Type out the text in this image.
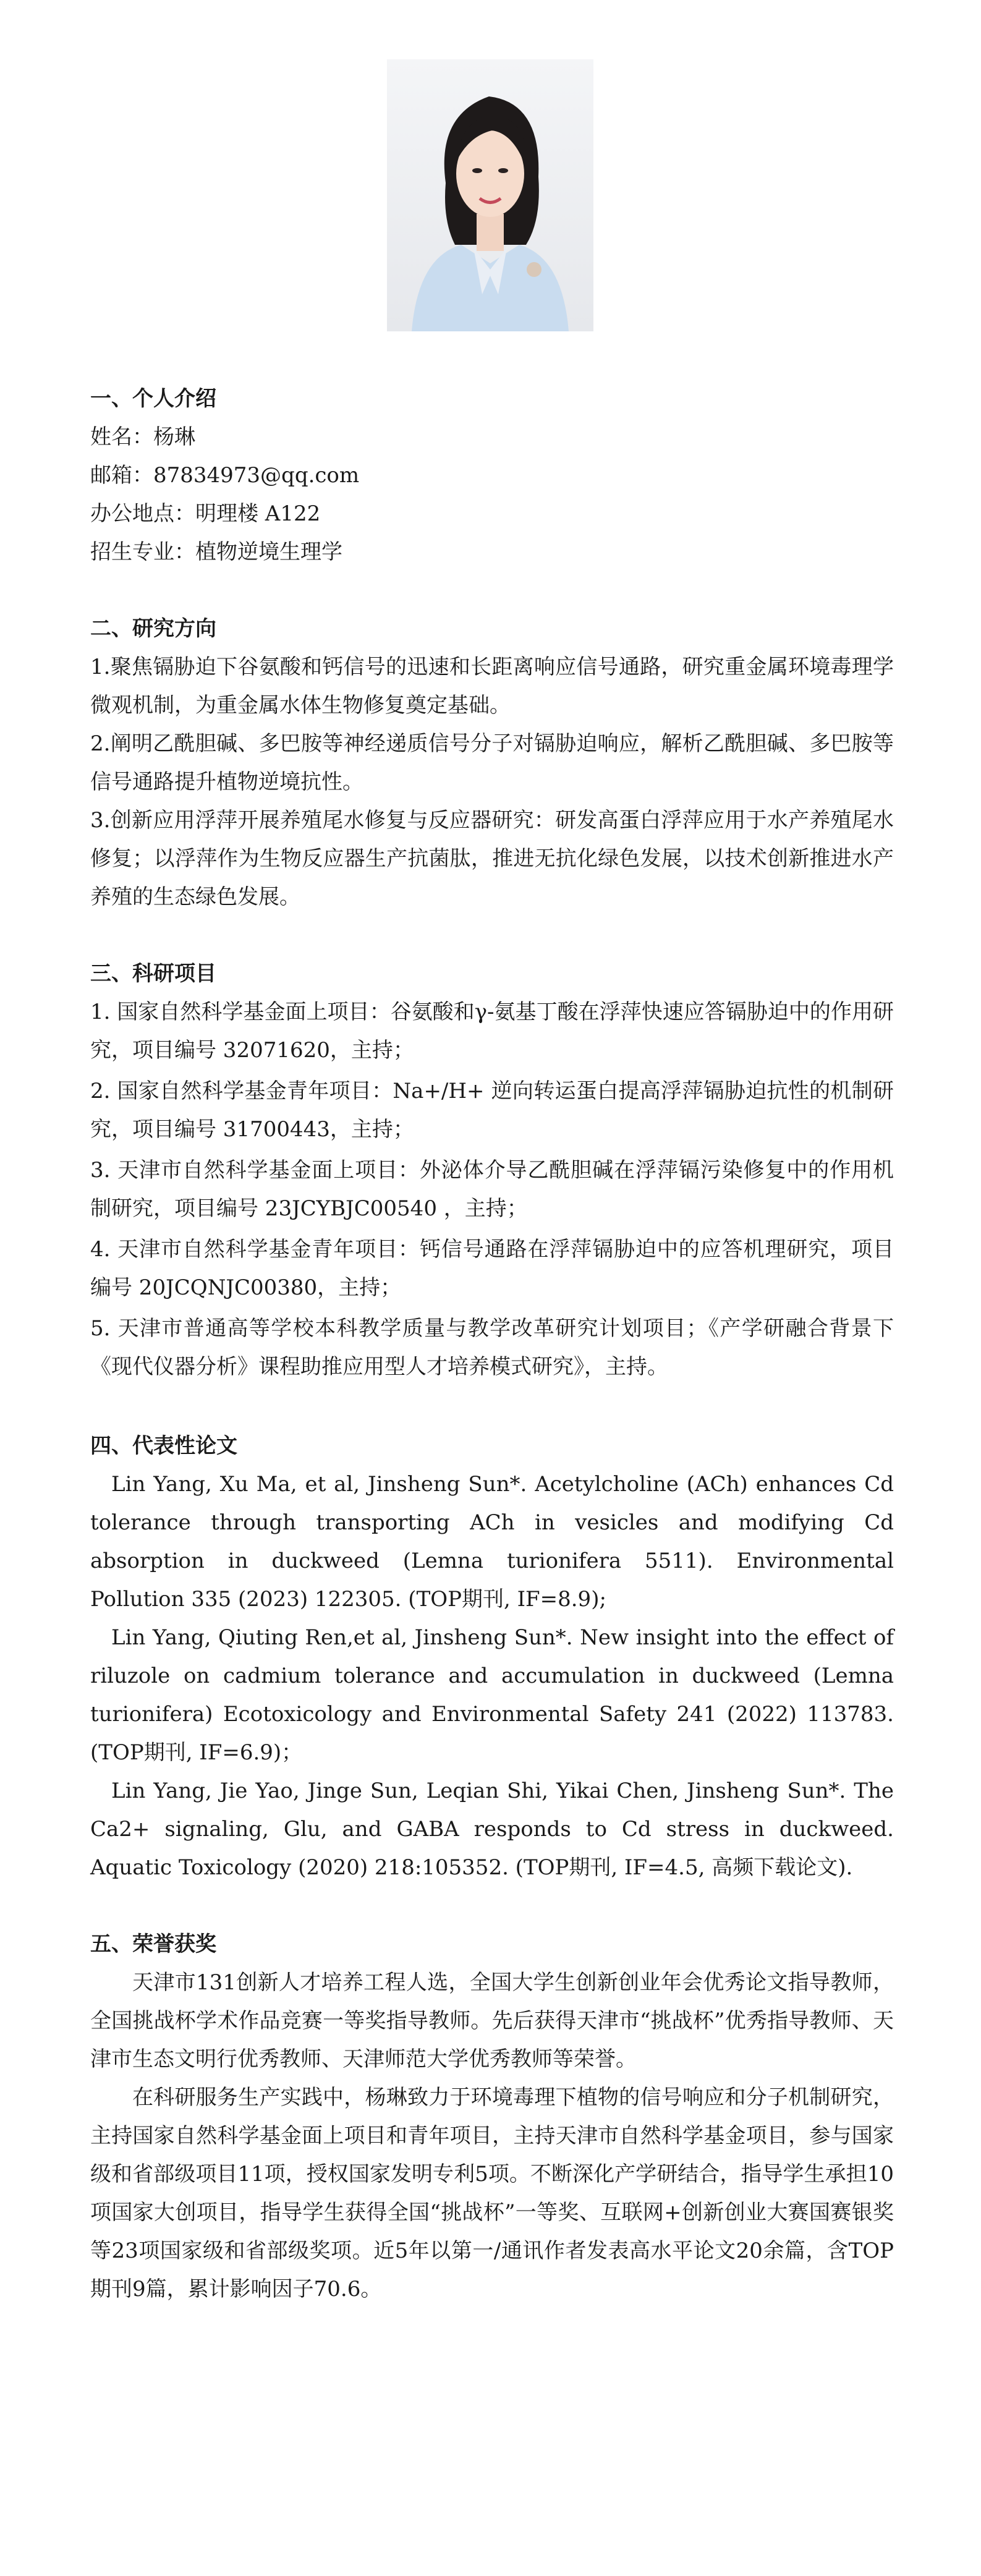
一、个人介绍
姓名：杨琳
邮箱：87834973@qq.com
办公地点：明理楼 A122
招生专业：植物逆境生理学
二、研究方向
1.聚焦镉胁迫下谷氨酸和钙信号的迅速和长距离响应信号通路，研究重金属环境毒理学微观机制，为重金属水体生物修复奠定基础。
2.阐明乙酰胆碱、多巴胺等神经递质信号分子对镉胁迫响应，解析乙酰胆碱、多巴胺等信号通路提升植物逆境抗性。
3.创新应用浮萍开展养殖尾水修复与反应器研究：研发高蛋白浮萍应用于水产养殖尾水修复；以浮萍作为生物反应器生产抗菌肽，推进无抗化绿色发展，以技术创新推进水产养殖的生态绿色发展。
三、科研项目
1. 国家自然科学基金面上项目：谷氨酸和γ-氨基丁酸在浮萍快速应答镉胁迫中的作用研究，项目编号 32071620，主持；
2. 国家自然科学基金青年项目：Na+/H+ 逆向转运蛋白提高浮萍镉胁迫抗性的机制研究，项目编号 31700443，主持；
3. 天津市自然科学基金面上项目：外泌体介导乙酰胆碱在浮萍镉污染修复中的作用机制研究，项目编号 23JCYBJC00540 ，主持；
4. 天津市自然科学基金青年项目：钙信号通路在浮萍镉胁迫中的应答机理研究，项目编号 20JCQNJC00380，主持；
5. 天津市普通高等学校本科教学质量与教学改革研究计划项目；《产学研融合背景下《现代仪器分析》课程助推应用型人才培养模式研究》，主持。
四、代表性论文
Lin Yang, Xu Ma, et al, Jinsheng Sun*. Acetylcholine (ACh) enhances Cd tolerance through transporting ACh in vesicles and modifying Cd absorption in duckweed (Lemna turionifera 5511). Environmental Pollution 335 (2023) 122305. (TOP期刊, IF=8.9);
Lin Yang, Qiuting Ren,et al, Jinsheng Sun*. New insight into the effect of riluzole on cadmium tolerance and accumulation in duckweed (Lemna turionifera) Ecotoxicology and Environmental Safety 241 (2022) 113783. (TOP期刊, IF=6.9)；
Lin Yang, Jie Yao, Jinge Sun, Leqian Shi, Yikai Chen, Jinsheng Sun*. The Ca2+ signaling, Glu, and GABA responds to Cd stress in duckweed. Aquatic Toxicology (2020) 218:105352. (TOP期刊, IF=4.5, 高频下载论文).
五、荣誉获奖
天津市131创新人才培养工程人选，全国大学生创新创业年会优秀论文指导教师，全国挑战杯学术作品竞赛一等奖指导教师。先后获得天津市“挑战杯”优秀指导教师、天津市生态文明行优秀教师、天津师范大学优秀教师等荣誉。
在科研服务生产实践中，杨琳致力于环境毒理下植物的信号响应和分子机制研究，主持国家自然科学基金面上项目和青年项目，主持天津市自然科学基金项目，参与国家级和省部级项目11项，授权国家发明专利5项。不断深化产学研结合，指导学生承担10项国家大创项目，指导学生获得全国“挑战杯”一等奖、互联网+创新创业大赛国赛银奖等23项国家级和省部级奖项。近5年以第一/通讯作者发表高水平论文20余篇，含TOP期刊9篇，累计影响因子70.6。
